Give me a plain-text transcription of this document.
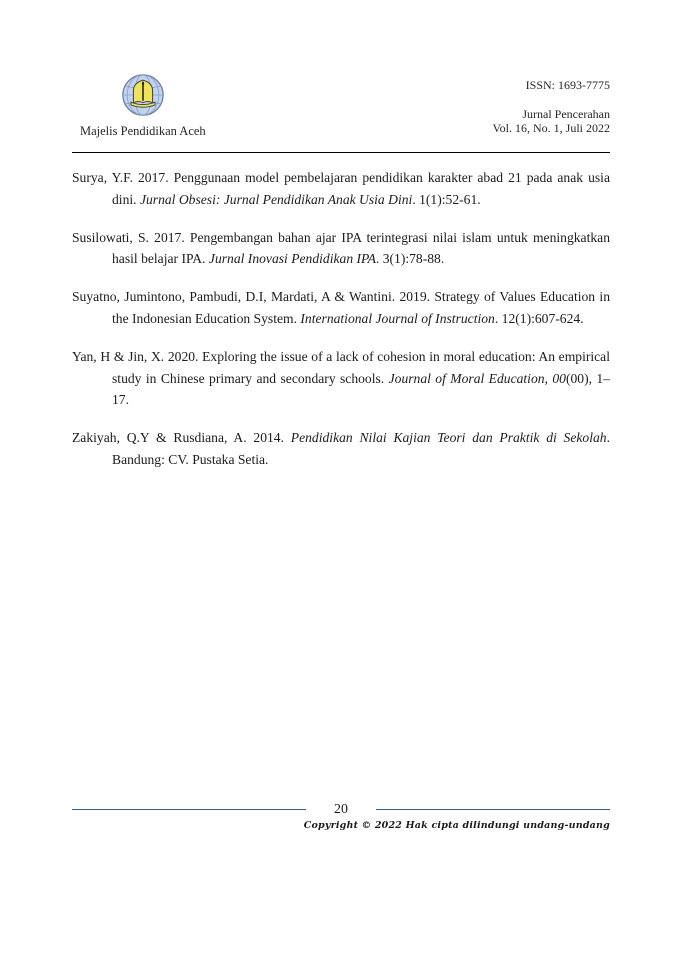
Majelis Pendidikan Aceh
ISSN: 1693-7775
Jurnal Pencerahan
Vol. 16, No. 1, Juli 2022

Surya, Y.F. 2017. Penggunaan model pembelajaran pendidikan karakter abad 21 pada anak usia dini. Jurnal Obsesi: Jurnal Pendidikan Anak Usia Dini. 1(1):52-61.

Susilowati, S. 2017. Pengembangan bahan ajar IPA terintegrasi nilai islam untuk meningkatkan hasil belajar IPA. Jurnal Inovasi Pendidikan IPA. 3(1):78-88.

Suyatno, Jumintono, Pambudi, D.I, Mardati, A & Wantini. 2019. Strategy of Values Education in the Indonesian Education System. International Journal of Instruction. 12(1):607-624.

Yan, H & Jin, X. 2020. Exploring the issue of a lack of cohesion in moral education: An empirical study in Chinese primary and secondary schools. Journal of Moral Education, 00(00), 1–17.

Zakiyah, Q.Y & Rusdiana, A. 2014. Pendidikan Nilai Kajian Teori dan Praktik di Sekolah. Bandung: CV. Pustaka Setia.

20
Copyright © 2022 Hak cipta dilindungi undang-undang
